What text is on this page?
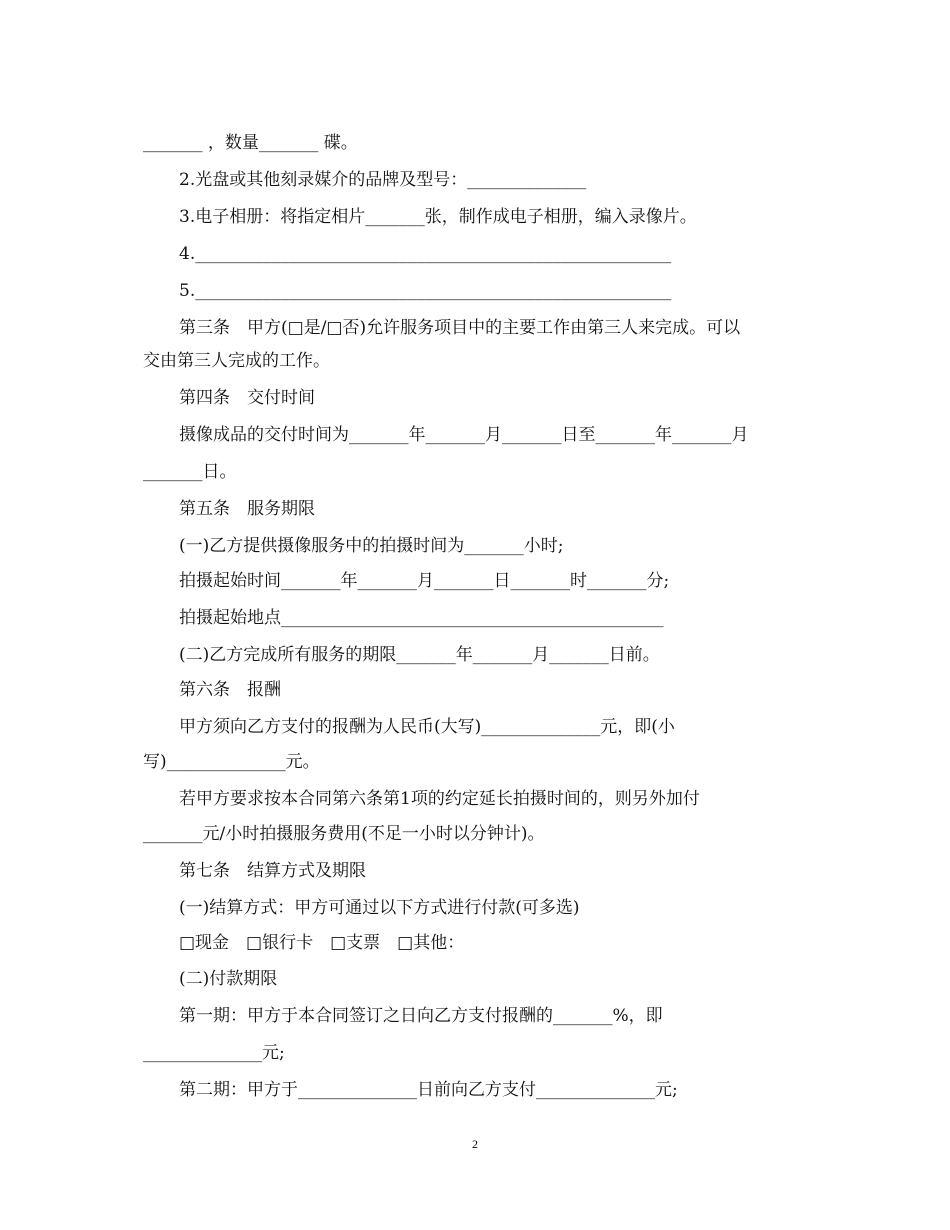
_______ ，数量_______ 碟。
2.光盘或其他刻录媒介的品牌及型号：______________
3.电子相册：将指定相片_______张，制作成电子相册，编入录像片。
4.________________________________________________________
5.________________________________________________________
第三条　甲方(□是/□否)允许服务项目中的主要工作由第三人来完成。可以
交由第三人完成的工作。
第四条　交付时间
摄像成品的交付时间为_______年_______月_______日至_______年_______月
_______日。
第五条　服务期限
(一)乙方提供摄像服务中的拍摄时间为_______小时;
拍摄起始时间_______年_______月_______日_______时_______分;
拍摄起始地点_____________________________________________
(二)乙方完成所有服务的期限_______年_______月_______日前。
第六条　报酬
甲方须向乙方支付的报酬为人民币(大写)______________元，即(小
写)______________元。
若甲方要求按本合同第六条第1项的约定延长拍摄时间的，则另外加付
_______元/小时拍摄服务费用(不足一小时以分钟计)。
第七条　结算方式及期限
(一)结算方式：甲方可通过以下方式进行付款(可多选)
□现金　□银行卡　□支票　□其他：
(二)付款期限
第一期：甲方于本合同签订之日向乙方支付报酬的_______%，即
______________元;
第二期：甲方于______________日前向乙方支付______________元;
2
